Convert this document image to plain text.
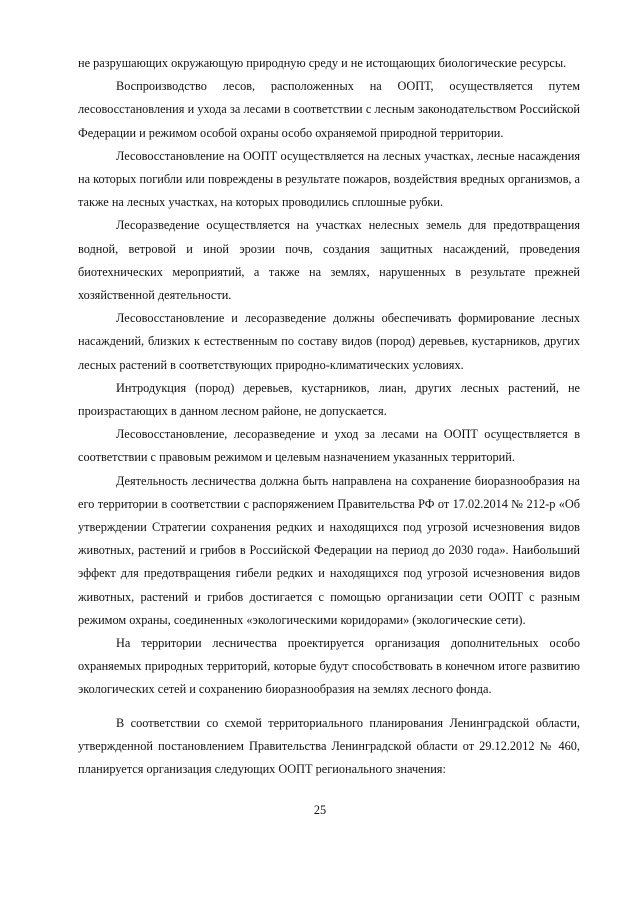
не разрушающих окружающую природную среду и не истощающих биологические ресурсы.

Воспроизводство лесов, расположенных на ООПТ, осуществляется путем лесовосстановления и ухода за лесами в соответствии с лесным законодательством Российской Федерации и режимом особой охраны особо охраняемой природной территории.

Лесовосстановление на ООПТ осуществляется на лесных участках, лесные насаждения на которых погибли или повреждены в результате пожаров, воздействия вредных организмов, а также на лесных участках, на которых проводились сплошные рубки.

Лесоразведение осуществляется на участках нелесных земель для предотвращения водной, ветровой и иной эрозии почв, создания защитных насаждений, проведения биотехнических мероприятий, а также на землях, нарушенных в результате прежней хозяйственной деятельности.

Лесовосстановление и лесоразведение должны обеспечивать формирование лесных насаждений, близких к естественным по составу видов (пород) деревьев, кустарников, других лесных растений в соответствующих природно-климатических условиях.

Интродукция (пород) деревьев, кустарников, лиан, других лесных растений, не произрастающих в данном лесном районе, не допускается.

Лесовосстановление, лесоразведение и уход за лесами на ООПТ осуществляется в соответствии с правовым режимом и целевым назначением указанных территорий.

Деятельность лесничества должна быть направлена на сохранение биоразнообразия на его территории в соответствии с распоряжением Правительства РФ от 17.02.2014 № 212-р «Об утверждении Стратегии сохранения редких и находящихся под угрозой исчезновения видов животных, растений и грибов в Российской Федерации на период до 2030 года». Наибольший эффект для предотвращения гибели редких и находящихся под угрозой исчезновения видов животных, растений и грибов достигается с помощью организации сети ООПТ с разным режимом охраны, соединенных «экологическими коридорами» (экологические сети).

На территории лесничества проектируется организация дополнительных особо охраняемых природных территорий, которые будут способствовать в конечном итоге развитию экологических сетей и сохранению биоразнообразия на землях лесного фонда.

В соответствии со схемой территориального планирования Ленинградской области, утвержденной постановлением Правительства Ленинградской области от 29.12.2012 № 460, планируется организация следующих ООПТ регионального значения:

25
